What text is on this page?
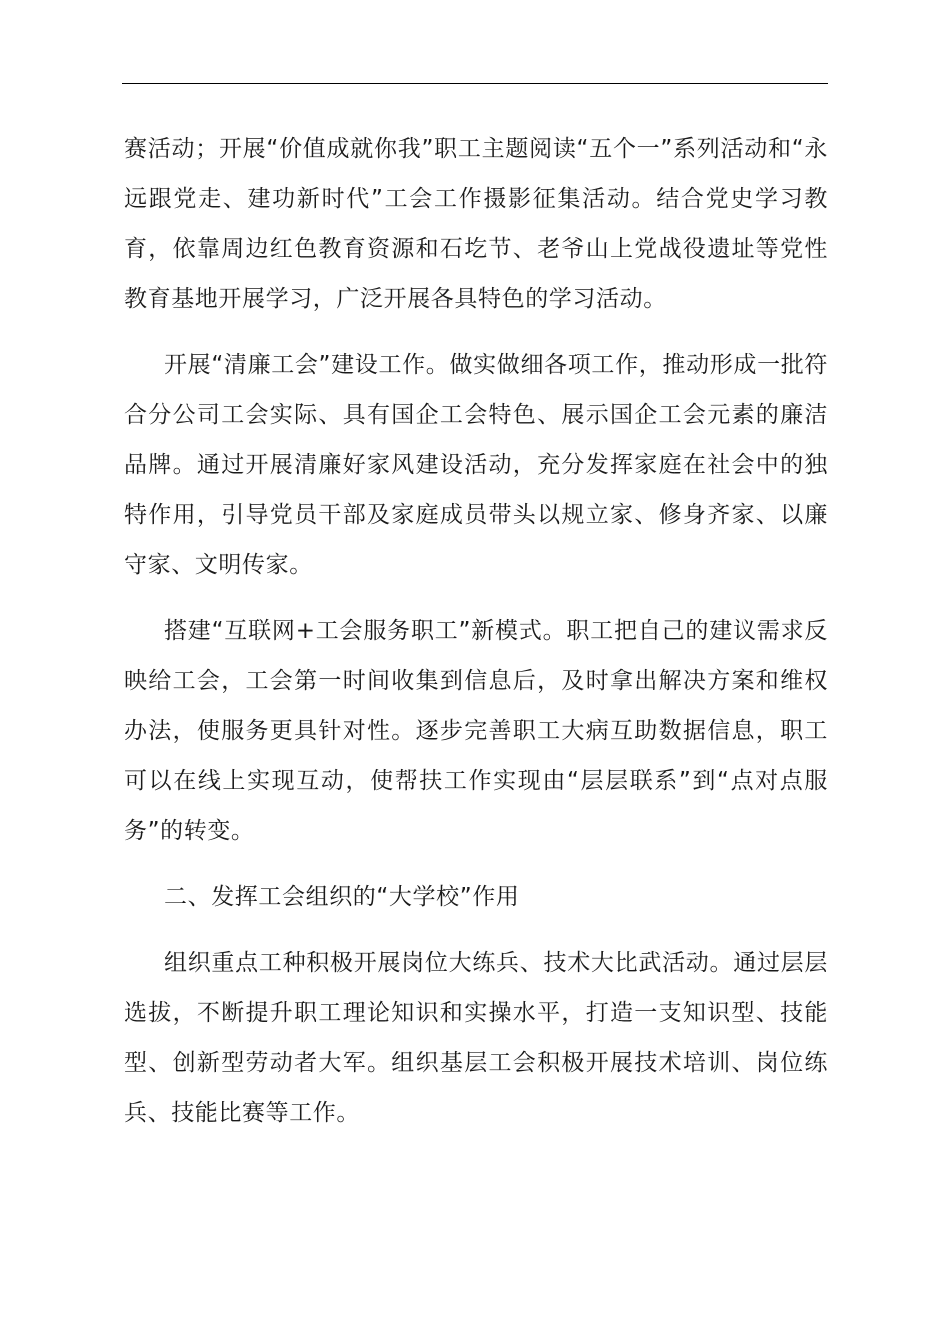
赛活动；开展“价值成就你我”职工主题阅读“五个一”系列活动和“永远跟党走、建功新时代”工会工作摄影征集活动。结合党史学习教育，依靠周边红色教育资源和石圪节、老爷山上党战役遗址等党性教育基地开展学习，广泛开展各具特色的学习活动。

开展“清廉工会”建设工作。做实做细各项工作，推动形成一批符合分公司工会实际、具有国企工会特色、展示国企工会元素的廉洁品牌。通过开展清廉好家风建设活动，充分发挥家庭在社会中的独特作用，引导党员干部及家庭成员带头以规立家、修身齐家、以廉守家、文明传家。

搭建“互联网+工会服务职工”新模式。职工把自己的建议需求反映给工会，工会第一时间收集到信息后，及时拿出解决方案和维权办法，使服务更具针对性。逐步完善职工大病互助数据信息，职工可以在线上实现互动，使帮扶工作实现由“层层联系”到“点对点服务”的转变。

二、发挥工会组织的“大学校”作用

组织重点工种积极开展岗位大练兵、技术大比武活动。通过层层选拔，不断提升职工理论知识和实操水平，打造一支知识型、技能型、创新型劳动者大军。组织基层工会积极开展技术培训、岗位练兵、技能比赛等工作。
